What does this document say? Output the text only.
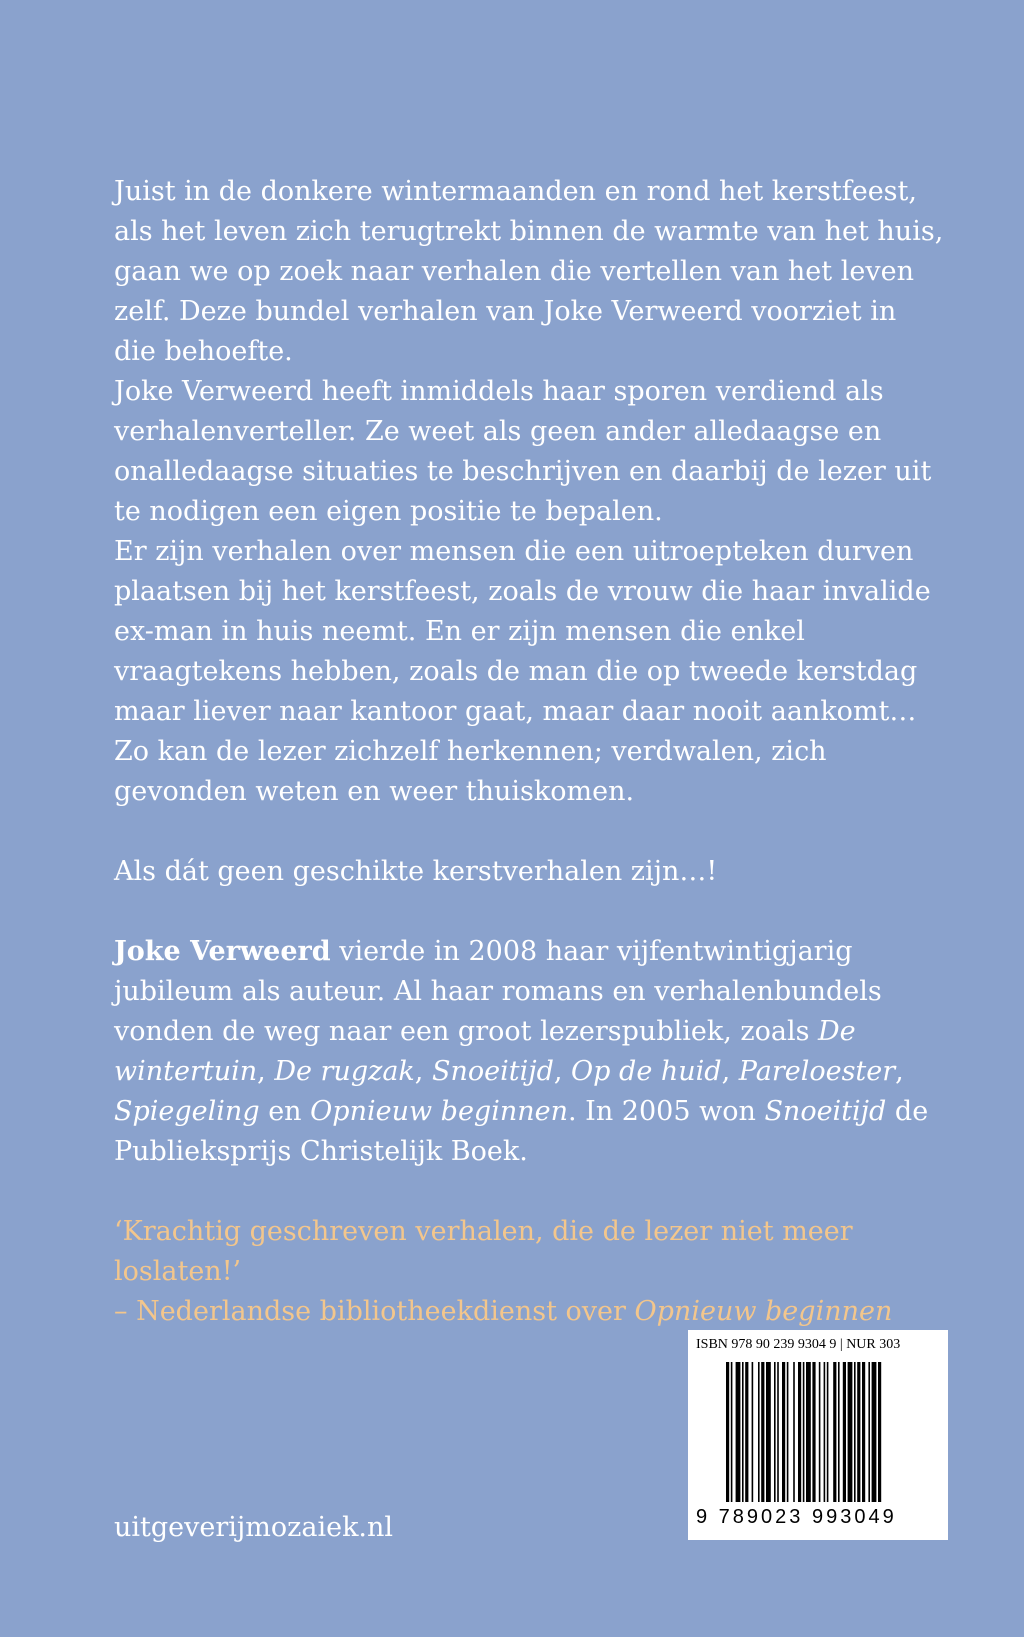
Juist in de donkere wintermaanden en rond het kerstfeest, als het leven zich terugtrekt binnen de warmte van het huis, gaan we op zoek naar verhalen die vertellen van het leven zelf. Deze bundel verhalen van Joke Verweerd voorziet in die behoefte.

Joke Verweerd heeft inmiddels haar sporen verdiend als verhalenverteller. Ze weet als geen ander alledaagse en onalledaagse situaties te beschrijven en daarbij de lezer uit te nodigen een eigen positie te bepalen.

Er zijn verhalen over mensen die een uitroepteken durven plaatsen bij het kerstfeest, zoals de vrouw die haar invalide ex-man in huis neemt. En er zijn mensen die enkel vraagtekens hebben, zoals de man die op tweede kerstdag maar liever naar kantoor gaat, maar daar nooit aankomt…

Zo kan de lezer zichzelf herkennen; verdwalen, zich gevonden weten en weer thuiskomen.

Als dát geen geschikte kerstverhalen zijn…!

Joke Verweerd vierde in 2008 haar vijfentwintigjarig jubileum als auteur. Al haar romans en verhalenbundels vonden de weg naar een groot lezerspubliek, zoals De wintertuin, De rugzak, Snoeitijd, Op de huid, Pareloester, Spiegeling en Opnieuw beginnen. In 2005 won Snoeitijd de Publieksprijs Christelijk Boek.

‘Krachtig geschreven verhalen, die de lezer niet meer loslaten!’

– Nederlandse bibliotheekdienst over Opnieuw beginnen

uitgeverijmozaiek.nl
ISBN 978 90 239 9304 9 | NUR 303
9 789023 993049
